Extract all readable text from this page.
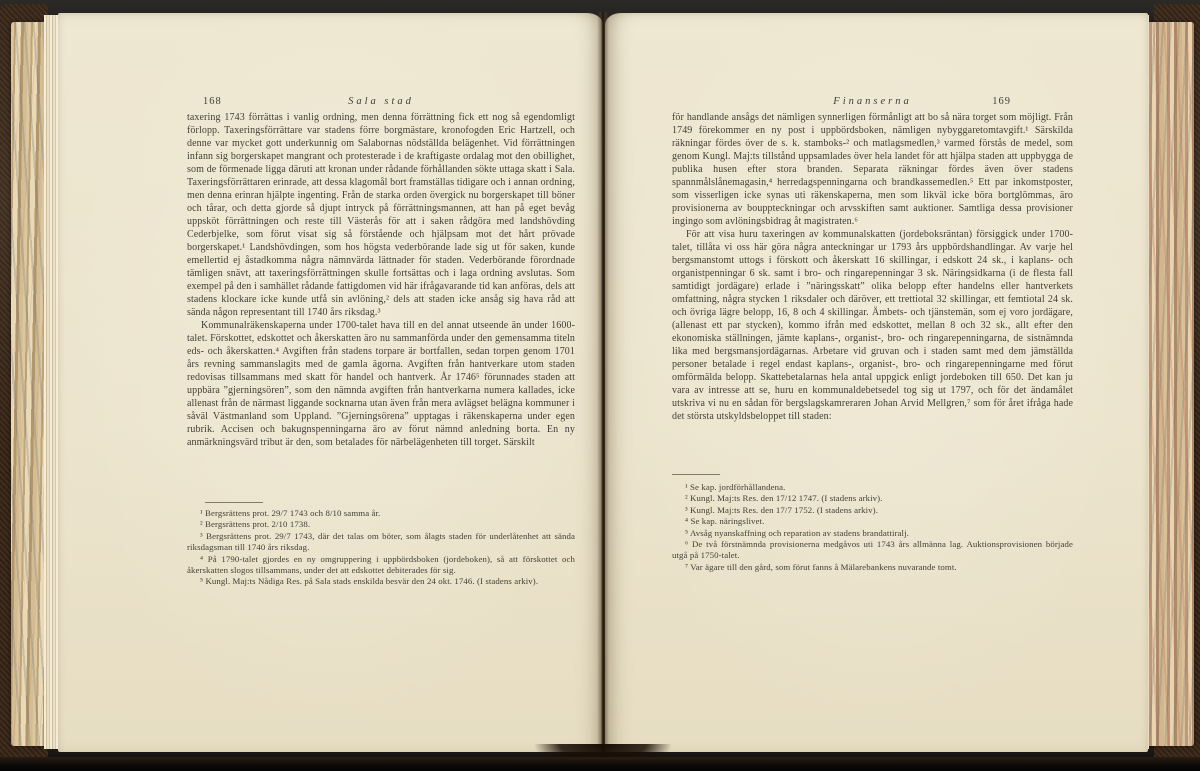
168	Sala stad

taxering 1743 förrättas i vanlig ordning, men denna förrättning fick ett nog så egendomligt förlopp. Taxeringsförrättare var stadens förre borgmästare, kronofogden Eric Hartzell, och denne var mycket gott underkunnig om Salabornas nödställda belägenhet. Vid förrättningen infann sig borgerskapet mangrant och protesterade i de kraftigaste ordalag mot den obillighet, som de förmenade ligga däruti att kronan under rådande förhållanden sökte uttaga skatt i Sala. Taxeringsförrättaren erinrade, att dessa klagomål bort framställas tidigare och i annan ordning, men denna erinran hjälpte ingenting. Från de starka orden övergick nu borgerskapet till böner och tårar, och detta gjorde så djupt intryck på förrättningsmannen, att han på eget bevåg uppsköt förrättningen och reste till Västerås för att i saken rådgöra med landshövding Cederbjelke, som förut visat sig så förstående och hjälpsam mot det hårt prövade borgerskapet.¹ Landshövdingen, som hos högsta vederbörande lade sig ut för saken, kunde emellertid ej åstadkomma några nämnvärda lättnader för staden. Vederbörande förordnade tämligen snävt, att taxeringsförrättningen skulle fortsättas och i laga ordning avslutas. Som exempel på den i samhället rådande fattigdomen vid här ifrågavarande tid kan anföras, dels att stadens klockare icke kunde utfå sin avlöning,² dels att staden icke ansåg sig hava råd att sända någon representant till 1740 års riksdag.³

Kommunalräkenskaperna under 1700-talet hava till en del annat utseende än under 1600-talet. Förskottet, edskottet och åkerskatten äro nu sammanförda under den gemensamma titeln eds- och åkerskatten.⁴ Avgiften från stadens torpare är bortfallen, sedan torpen genom 1701 års revning sammanslagits med de gamla ägorna. Avgiften från hantverkare utom staden redovisas tillsammans med skatt för handel och hantverk. År 1746⁵ förunnades staden att uppbära ”gjerningsören”, som den nämnda avgiften från hantverkarna numera kallades, icke allenast från de närmast liggande socknarna utan även från mera avlägset belägna kommuner i såväl Västmanland som Uppland. ”Gjerningsörena” upptagas i räkenskaperna under egen rubrik. Accisen och bakugnspenningarna äro av förut nämnd anledning borta. En ny anmärkningsvärd tribut är den, som betalades för närbelägenheten till torget. Särskilt

¹ Bergsrättens prot. 29/7 1743 och 8/10 samma år.

² Bergsrättens prot. 2/10 1738.

³ Bergsrättens prot. 29/7 1743, där det talas om böter, som ålagts staden för underlåtenhet att sända riksdagsman till 1740 års riksdag.

⁴ På 1790-talet gjordes en ny omgruppering i uppbördsboken (jordeboken), så att förskottet och åkerskatten slogos tillsammans, under det att edskottet debiterades för sig.

⁵ Kungl. Maj:ts Nådiga Res. på Sala stads enskilda besvär den 24 okt. 1746. (I stadens arkiv).

Finanserna	169

för handlande ansågs det nämligen synnerligen förmånligt att bo så nära torget som möjligt. Från 1749 förekommer en ny post i uppbördsboken, nämligen nybyggaretomtavgift.¹ Särskilda räkningar fördes över de s. k. stamboks-² och matlagsmedlen,³ varmed förstås de medel, som genom Kungl. Maj:ts tillstånd uppsamlades över hela landet för att hjälpa staden att uppbygga de publika husen efter stora branden. Separata räkningar fördes även över stadens spannmålslånemagasin,⁴ herredagspenningarna och brandkassemedlen.⁵ Ett par inkomstposter, som visserligen icke synas uti räkenskaperna, men som likväl icke böra bortglömmas, äro provisionerna av bouppteckningar och arvsskiften samt auktioner. Samtliga dessa provisioner ingingo som avlöningsbidrag åt magistraten.⁶

För att visa huru taxeringen av kommunalskatten (jordeboksräntan) försiggick under 1700-talet, tillåta vi oss här göra några anteckningar ur 1793 års uppbördshandlingar. Av varje hel bergsmanstomt uttogs i förskott och åkerskatt 16 skillingar, i edskott 24 sk., i kaplans- och organistpenningar 6 sk. samt i bro- och ringarepenningar 3 sk. Näringsidkarna (i de flesta fall samtidigt jordägare) erlade i ”näringsskatt” olika belopp efter handelns eller hantverkets omfattning, några stycken 1 riksdaler och däröver, ett trettiotal 32 skillingar, ett femtiotal 24 sk. och övriga lägre belopp, 16, 8 och 4 skillingar. Ämbets- och tjänstemän, som ej voro jordägare, (allenast ett par stycken), kommo ifrån med edskottet, mellan 8 och 32 sk., allt efter den ekonomiska ställningen, jämte kaplans-, organist-, bro- och ringarepenningarna, de sistnämnda lika med bergsmansjordägarnas. Arbetare vid gruvan och i staden samt med dem jämställda personer betalade i regel endast kaplans-, organist-, bro- och ringarepenningarne med förut omförmälda belopp. Skattebetalarnas hela antal uppgick enligt jordeboken till 650. Det kan ju vara av intresse att se, huru en kommunaldebetsedel tog sig ut 1797, och för det ändamålet utskriva vi nu en sådan för bergslagskamreraren Johan Arvid Mellgren,⁷ som för året ifråga hade det största utskyldsbeloppet till staden:

¹ Se kap. jordförhållandena.

² Kungl. Maj:ts Res. den 17/12 1747. (I stadens arkiv).

³ Kungl. Maj:ts Res. den 17/7 1752. (I stadens arkiv).

⁴ Se kap. näringslivet.

⁵ Avsåg nyanskaffning och reparation av stadens brandattiralj.

⁶ De två förstnämnda provisionerna medgåvos uti 1743 års allmänna lag. Auktionsprovisionen började utgå på 1750-talet.

⁷ Var ägare till den gård, som förut fanns å Mälarebankens nuvarande tomt.
